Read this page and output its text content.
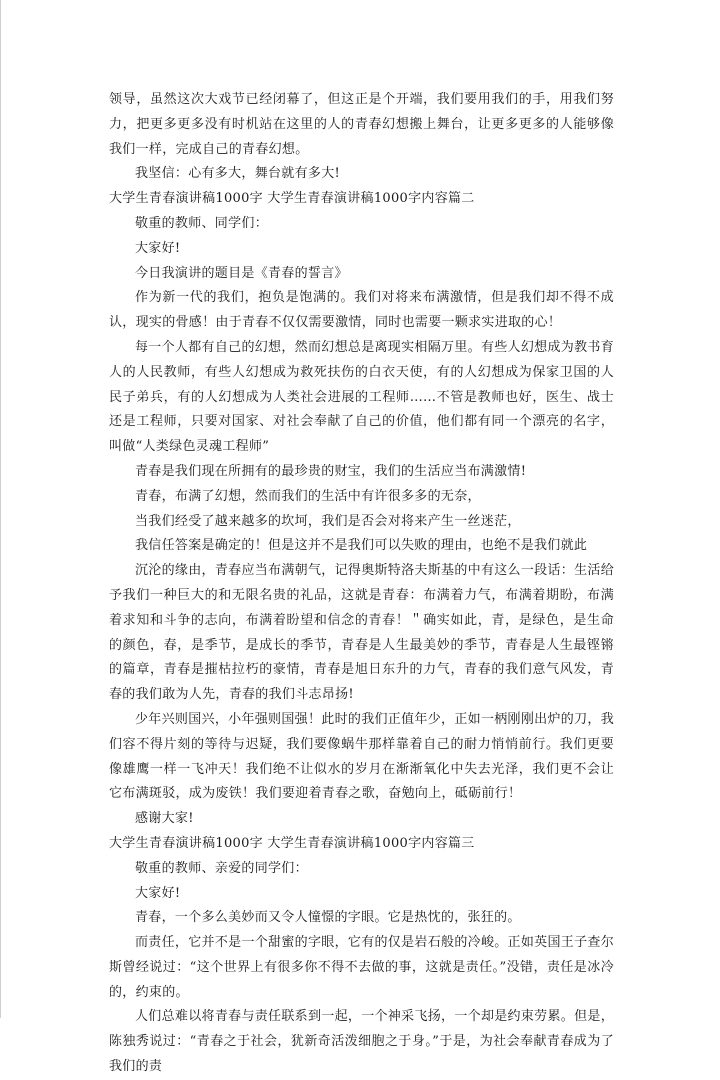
领导，虽然这次大戏节已经闭幕了，但这正是个开端，我们要用我们的手，用我们努力，把更多更多没有时机站在这里的人的青春幻想搬上舞台，让更多更多的人能够像我们一样，完成自己的青春幻想。

我坚信：心有多大，舞台就有多大!

大学生青春演讲稿1000字 大学生青春演讲稿1000字内容篇二

敬重的教师、同学们：

大家好!

今日我演讲的题目是《青春的誓言》

作为新一代的我们，抱负是饱满的。我们对将来布满激情，但是我们却不得不成认，现实的骨感！由于青春不仅仅需要激情，同时也需要一颗求实进取的心！

每一个人都有自己的幻想，然而幻想总是离现实相隔万里。有些人幻想成为教书育人的人民教师，有些人幻想成为救死扶伤的白衣天使，有的人幻想成为保家卫国的人民子弟兵，有的人幻想成为人类社会进展的工程师……不管是教师也好，医生、战士还是工程师，只要对国家、对社会奉献了自己的价值，他们都有同一个漂亮的名字，叫做“人类绿色灵魂工程师”

青春是我们现在所拥有的最珍贵的财宝，我们的生活应当布满激情!

青春，布满了幻想，然而我们的生活中有许很多多的无奈，

当我们经受了越来越多的坎坷，我们是否会对将来产生一丝迷茫，

我信任答案是确定的！但是这并不是我们可以失败的理由，也绝不是我们就此

沉沦的缘由，青春应当布满朝气，记得奥斯特洛夫斯基的中有这么一段话：生活给予我们一种巨大的和无限名贵的礼品，这就是青春：布满着力气，布满着期盼，布满着求知和斗争的志向，布满着盼望和信念的青春！＂确实如此，青，是绿色，是生命的颜色，春，是季节，是成长的季节，青春是人生最美妙的季节，青春是人生最铿锵的篇章，青春是摧枯拉朽的豪情，青春是旭日东升的力气，青春的我们意气风发，青春的我们敢为人先，青春的我们斗志昂扬!

少年兴则国兴，小年强则国强！此时的我们正值年少，正如一柄刚刚出炉的刀，我们容不得片刻的等待与迟疑，我们要像蜗牛那样靠着自己的耐力悄悄前行。我们更要像雄鹰一样一飞冲天！我们绝不让似水的岁月在渐渐氧化中失去光泽，我们更不会让它布满斑驳，成为废铁！我们要迎着青春之歌，奋勉向上，砥砺前行！

感谢大家!

大学生青春演讲稿1000字 大学生青春演讲稿1000字内容篇三

敬重的教师、亲爱的同学们：

大家好!

青春，一个多么美妙而又令人憧憬的字眼。它是热忱的，张狂的。

而责任，它并不是一个甜蜜的字眼，它有的仅是岩石般的冷峻。正如英国王子查尔斯曾经说过：“这个世界上有很多你不得不去做的事，这就是责任。”没错，责任是冰冷的，约束的。

人们总难以将青春与责任联系到一起，一个神采飞扬，一个却是约束劳累。但是，陈独秀说过：“青春之于社会，犹新奇活泼细胞之于身。”于是，为社会奉献青春成为了我们的责
